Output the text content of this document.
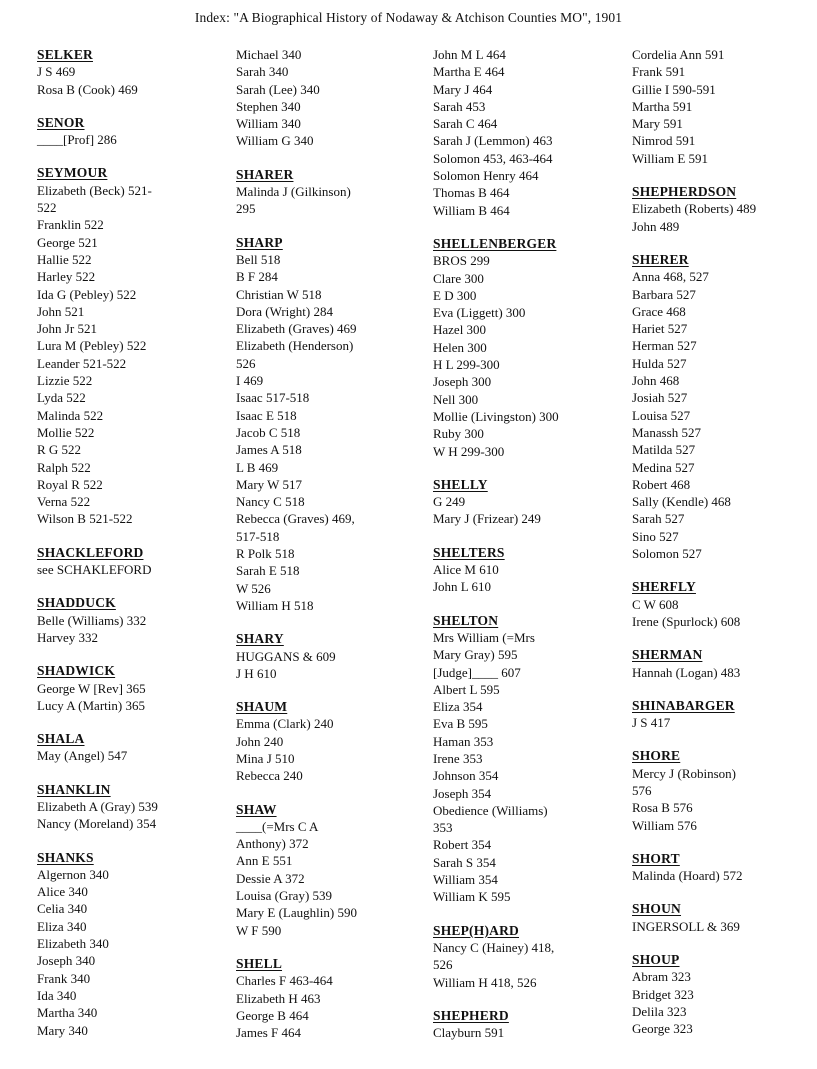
Index: "A Biographical History of Nodaway & Atchison Counties MO", 1901
SELKER
J S 469
Rosa B (Cook) 469
SENOR
____[Prof] 286
SEYMOUR
Elizabeth (Beck) 521-
522
Franklin 522
George 521
Hallie 522
Harley 522
Ida G (Pebley) 522
John 521
John Jr 521
Lura M (Pebley) 522
Leander 521-522
Lizzie 522
Lyda 522
Malinda 522
Mollie 522
R G 522
Ralph 522
Royal R 522
Verna 522
Wilson B 521-522
SHACKLEFORD
see SCHAKLEFORD
SHADDUCK
Belle (Williams) 332
Harvey 332
SHADWICK
George W [Rev] 365
Lucy A (Martin) 365
SHALA
May (Angel) 547
SHANKLIN
Elizabeth A (Gray) 539
Nancy (Moreland) 354
SHANKS
Algernon 340
Alice 340
Celia 340
Eliza 340
Elizabeth 340
Joseph 340
Frank 340
Ida 340
Martha 340
Mary 340
Michael 340
Sarah 340
Sarah (Lee) 340
Stephen 340
William 340
William G 340
SHARER
Malinda J (Gilkinson)
295
SHARP
Bell 518
B F 284
Christian W 518
Dora (Wright) 284
Elizabeth (Graves) 469
Elizabeth (Henderson)
526
I 469
Isaac 517-518
Isaac E 518
Jacob C 518
James A 518
L B 469
Mary W 517
Nancy C 518
Rebecca (Graves) 469,
517-518
R Polk 518
Sarah E 518
W 526
William H 518
SHARY
HUGGANS & 609
J H 610
SHAUM
Emma (Clark) 240
John 240
Mina J 510
Rebecca 240
SHAW
____(=Mrs C A
Anthony) 372
Ann E 551
Dessie A 372
Louisa (Gray) 539
Mary E (Laughlin) 590
W F 590
SHELL
Charles F 463-464
Elizabeth H 463
George B 464
James F 464
John M L 464
Martha E 464
Mary J 464
Sarah 453
Sarah C 464
Sarah J (Lemmon) 463
Solomon 453, 463-464
Solomon Henry 464
Thomas B 464
William B 464
SHELLENBERGER
BROS 299
Clare 300
E D 300
Eva (Liggett) 300
Hazel 300
Helen 300
H L 299-300
Joseph 300
Nell 300
Mollie (Livingston) 300
Ruby 300
W H 299-300
SHELLY
G 249
Mary J (Frizear) 249
SHELTERS
Alice M 610
John L 610
SHELTON
Mrs William (=Mrs
Mary Gray) 595
[Judge]____ 607
Albert L 595
Eliza 354
Eva B 595
Haman 353
Irene 353
Johnson 354
Joseph 354
Obedience (Williams)
353
Robert 354
Sarah S 354
William 354
William K 595
SHEP(H)ARD
Nancy C (Hainey) 418,
526
William H 418, 526
SHEPHERD
Clayburn 591
Cordelia Ann 591
Frank 591
Gillie I 590-591
Martha 591
Mary 591
Nimrod 591
William E 591
SHEPHERDSON
Elizabeth (Roberts) 489
John 489
SHERER
Anna 468, 527
Barbara 527
Grace 468
Hariet 527
Herman 527
Hulda 527
John 468
Josiah 527
Louisa 527
Manassh 527
Matilda 527
Medina 527
Robert 468
Sally (Kendle) 468
Sarah 527
Sino 527
Solomon 527
SHERFLY
C W 608
Irene (Spurlock) 608
SHERMAN
Hannah (Logan) 483
SHINABARGER
J S 417
SHORE
Mercy J (Robinson)
576
Rosa B 576
William 576
SHORT
Malinda (Hoard) 572
SHOUN
INGERSOLL & 369
SHOUP
Abram 323
Bridget 323
Delila 323
George 323
